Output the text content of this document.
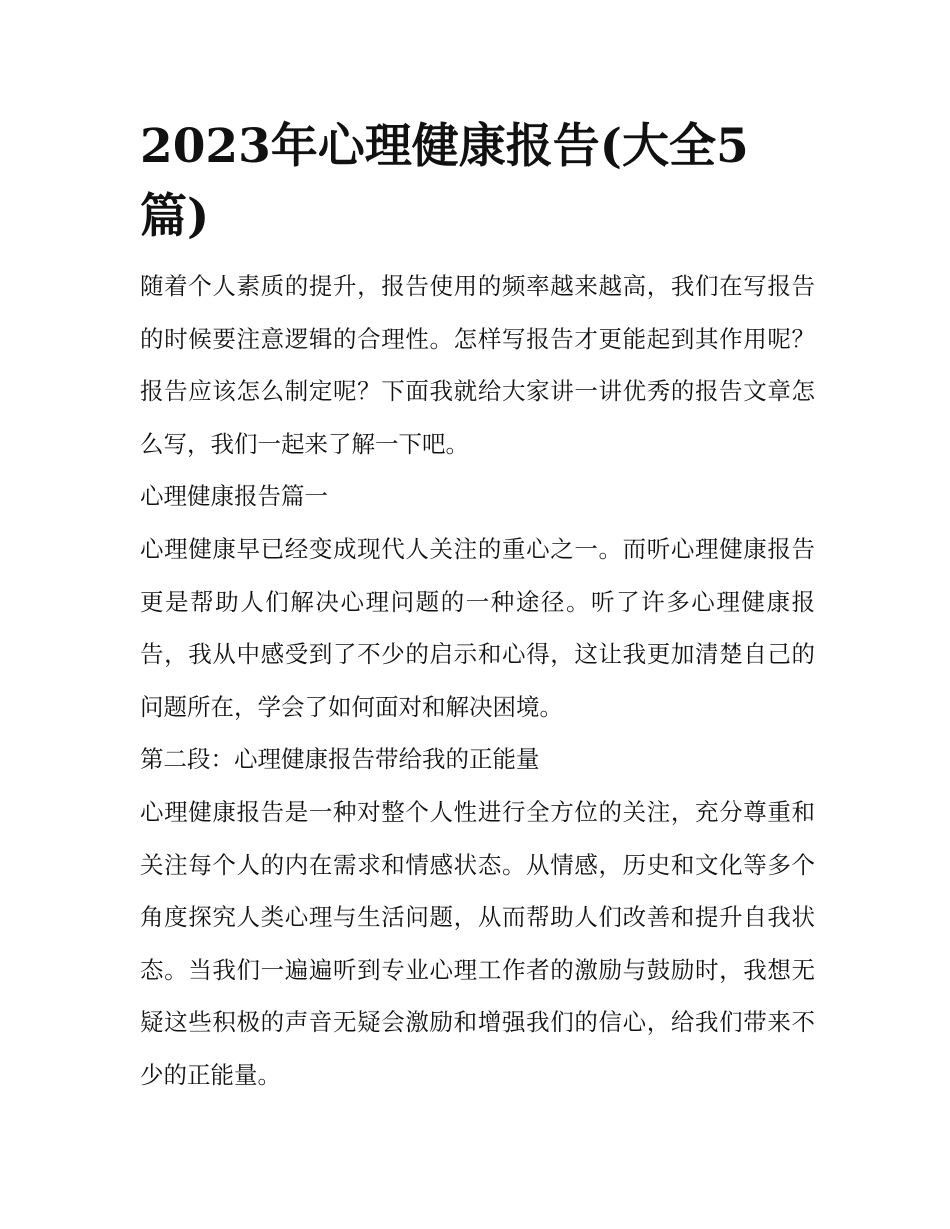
2023年心理健康报告(大全5篇)

随着个人素质的提升，报告使用的频率越来越高，我们在写报告的时候要注意逻辑的合理性。怎样写报告才更能起到其作用呢？报告应该怎么制定呢？下面我就给大家讲一讲优秀的报告文章怎么写，我们一起来了解一下吧。

心理健康报告篇一

心理健康早已经变成现代人关注的重心之一。而听心理健康报告更是帮助人们解决心理问题的一种途径。听了许多心理健康报告，我从中感受到了不少的启示和心得，这让我更加清楚自己的问题所在，学会了如何面对和解决困境。

第二段：心理健康报告带给我的正能量

心理健康报告是一种对整个人性进行全方位的关注，充分尊重和关注每个人的内在需求和情感状态。从情感，历史和文化等多个角度探究人类心理与生活问题，从而帮助人们改善和提升自我状态。当我们一遍遍听到专业心理工作者的激励与鼓励时，我想无疑这些积极的声音无疑会激励和增强我们的信心，给我们带来不少的正能量。
